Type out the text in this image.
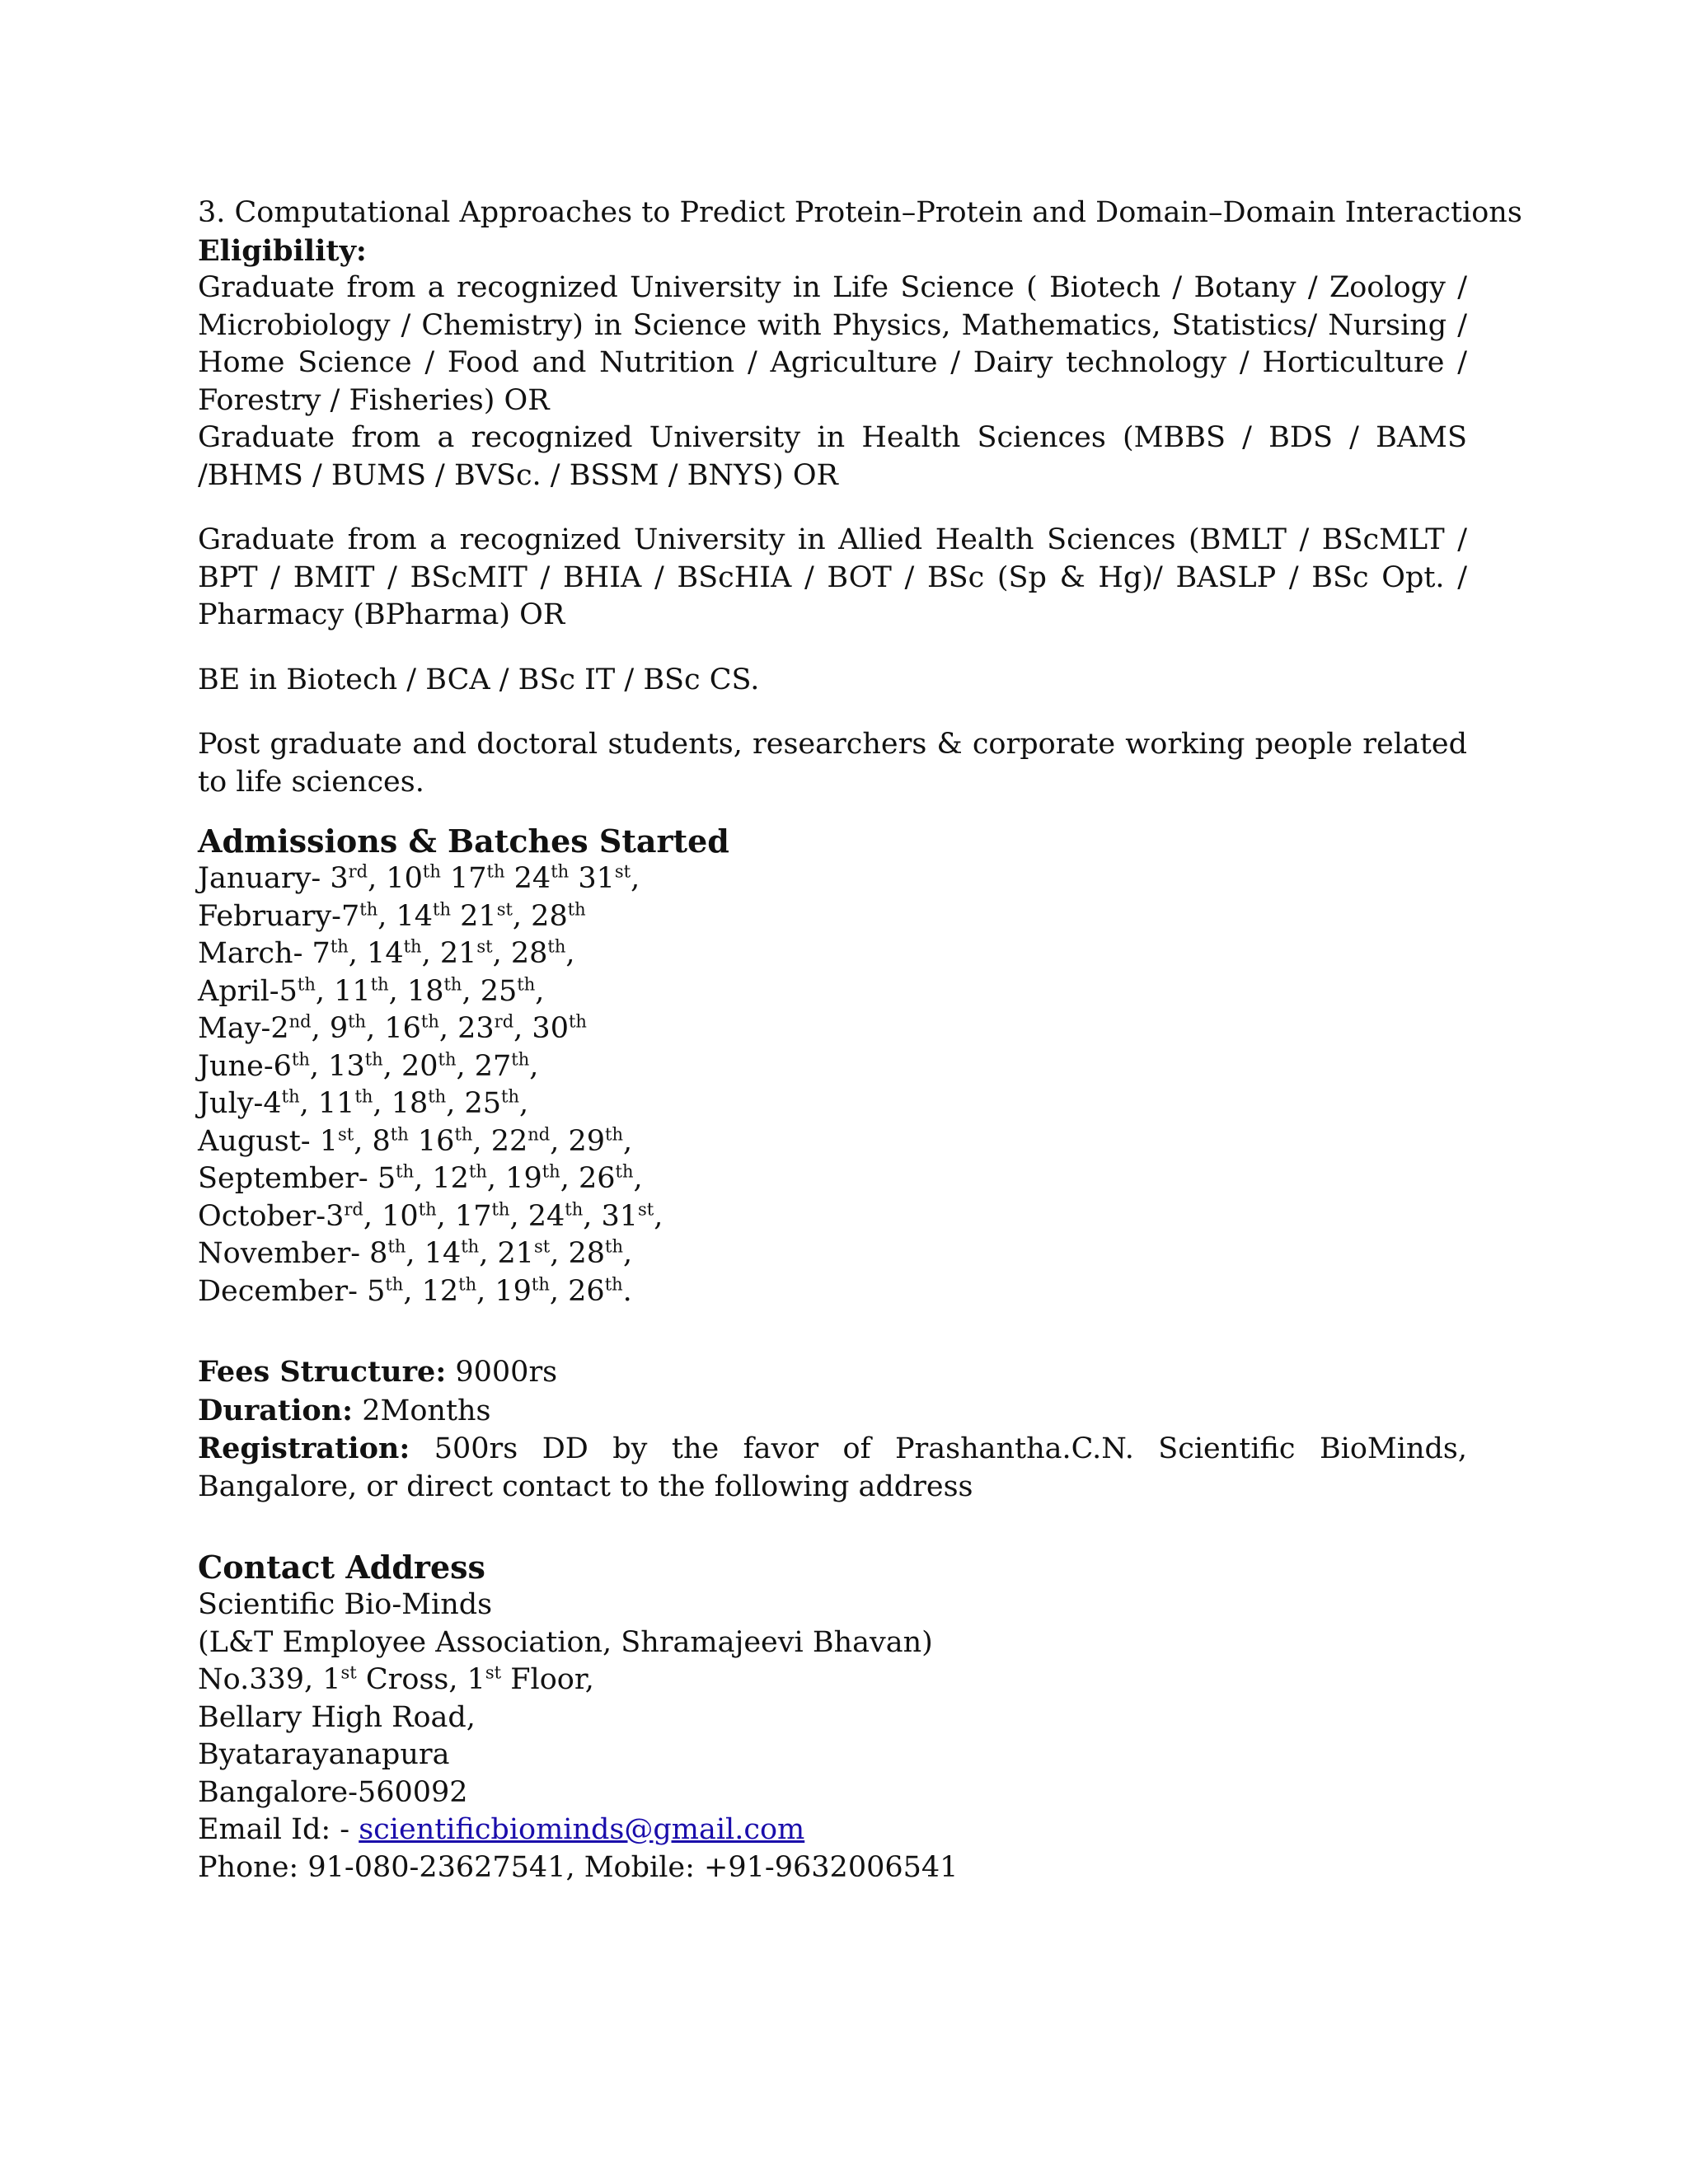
3. Computational Approaches to Predict Protein–Protein and Domain–Domain Interactions
Eligibility:
Graduate from a recognized University in Life Science ( Biotech / Botany / Zoology / Microbiology / Chemistry) in Science with Physics, Mathematics, Statistics/ Nursing / Home Science / Food and Nutrition / Agriculture / Dairy technology / Horticulture / Forestry / Fisheries) OR
Graduate from a recognized University in Health Sciences (MBBS / BDS / BAMS /BHMS / BUMS / BVSc. / BSSM / BNYS) OR
Graduate from a recognized University in Allied Health Sciences (BMLT / BScMLT / BPT / BMIT / BScMIT / BHIA / BScHIA / BOT / BSc (Sp & Hg)/ BASLP / BSc Opt. / Pharmacy (BPharma) OR
BE in Biotech / BCA / BSc IT / BSc CS.
Post graduate and doctoral students, researchers & corporate working people related to life sciences.
Admissions & Batches Started
January- 3rd, 10th 17th 24th 31st,
February-7th, 14th 21st, 28th
March- 7th, 14th, 21st, 28th,
April-5th, 11th, 18th, 25th,
May-2nd, 9th, 16th, 23rd, 30th
June-6th, 13th, 20th, 27th,
July-4th, 11th, 18th, 25th,
August- 1st, 8th 16th, 22nd, 29th,
September- 5th, 12th, 19th, 26th,
October-3rd, 10th, 17th, 24th, 31st,
November- 8th, 14th, 21st, 28th,
December- 5th, 12th, 19th, 26th.
Fees Structure: 9000rs
Duration: 2Months
Registration: 500rs DD by the favor of Prashantha.C.N. Scientific BioMinds, Bangalore, or direct contact to the following address
Contact Address
Scientific Bio-Minds
(L&T Employee Association, Shramajeevi Bhavan)
No.339, 1st Cross, 1st Floor,
Bellary High Road,
Byatarayanapura
Bangalore-560092
Email Id: - scientificbiominds@gmail.com
Phone: 91-080-23627541, Mobile: +91-9632006541
